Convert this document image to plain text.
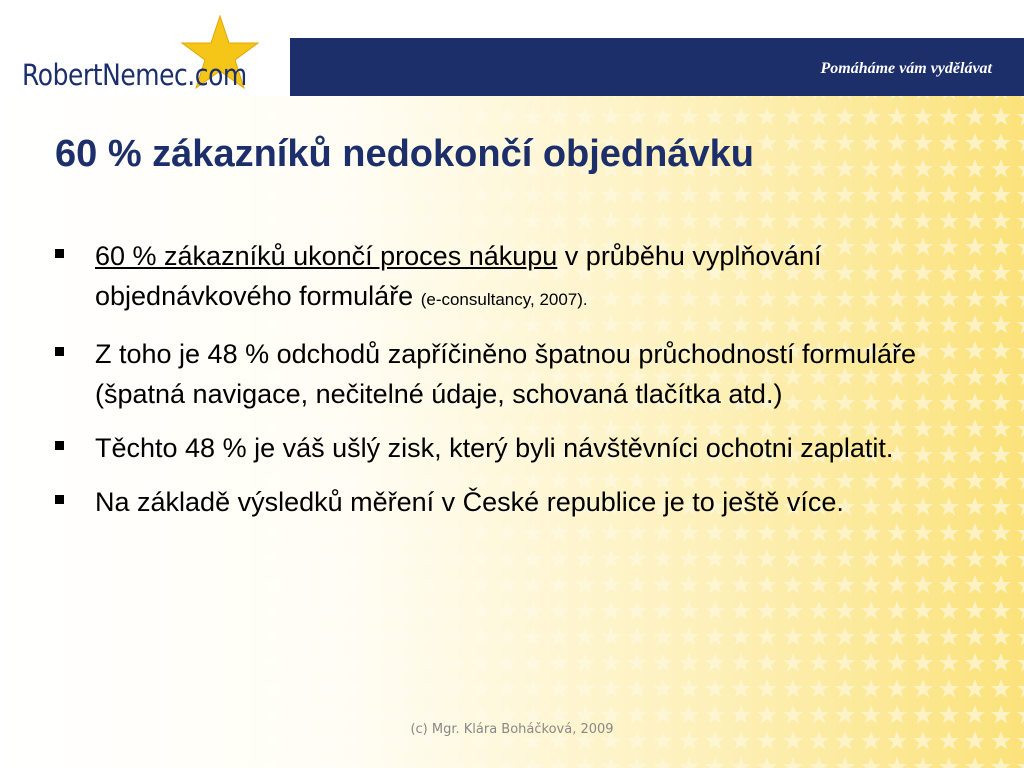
RobertNemec.com	Pomáháme vám vydělávat
60 % zákazníků nedokončí objednávku
60 % zákazníků ukončí proces nákupu v průběhu vyplňování objednávkového formuláře (e-consultancy, 2007).
Z toho je 48 % odchodů zapříčiněno špatnou průchodností formuláře (špatná navigace, nečitelné údaje, schovaná tlačítka atd.)
Těchto 48 % je váš ušlý zisk, který byli návštěvníci ochotni zaplatit.
Na základě výsledků měření v České republice je to ještě více.
(c) Mgr. Klára Boháčková, 2009
